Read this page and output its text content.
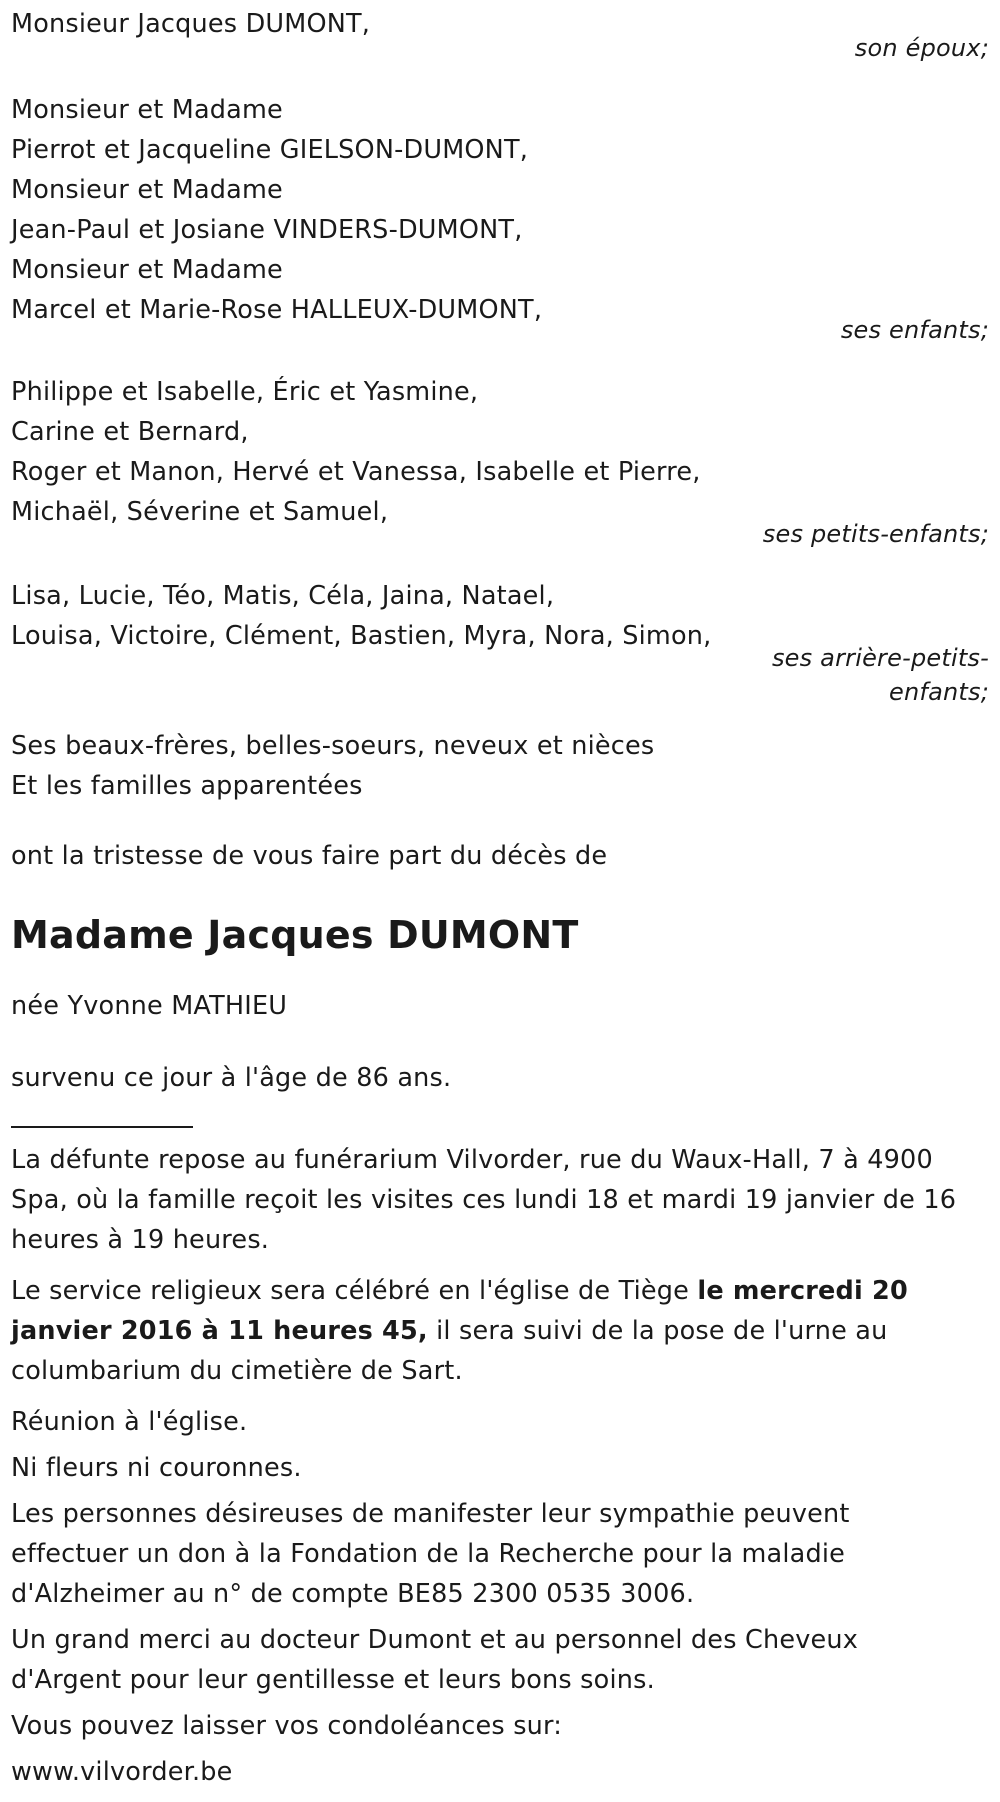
Monsieur Jacques DUMONT,
son époux;
Monsieur et Madame
Pierrot et Jacqueline GIELSON-DUMONT,
Monsieur et Madame
Jean-Paul et Josiane VINDERS-DUMONT,
Monsieur et Madame
Marcel et Marie-Rose HALLEUX-DUMONT,
ses enfants;
Philippe et Isabelle, Éric et Yasmine,
Carine et Bernard,
Roger et Manon, Hervé et Vanessa, Isabelle et Pierre,
Michaël, Séverine et Samuel,
ses petits-enfants;
Lisa, Lucie, Téo, Matis, Céla, Jaina, Natael,
Louisa, Victoire, Clément, Bastien, Myra, Nora, Simon,
ses arrière-petits-
enfants;
Ses beaux-frères, belles-soeurs, neveux et nièces
Et les familles apparentées
ont la tristesse de vous faire part du décès de
Madame Jacques DUMONT
née Yvonne MATHIEU
survenu ce jour à l'âge de 86 ans.
La défunte repose au funérarium Vilvorder, rue du Waux-Hall, 7 à 4900 Spa, où la famille reçoit les visites ces lundi 18 et mardi 19 janvier de 16 heures à 19 heures.
Le service religieux sera célébré en l'église de Tiège le mercredi 20 janvier 2016 à 11 heures 45, il sera suivi de la pose de l'urne au columbarium du cimetière de Sart.
Réunion à l'église.
Ni fleurs ni couronnes.
Les personnes désireuses de manifester leur sympathie peuvent effectuer un don à la Fondation de la Recherche pour la maladie d'Alzheimer au n° de compte BE85 2300 0535 3006.
Un grand merci au docteur Dumont et au personnel des Cheveux d'Argent pour leur gentillesse et leurs bons soins.
Vous pouvez laisser vos condoléances sur:
www.vilvorder.be
